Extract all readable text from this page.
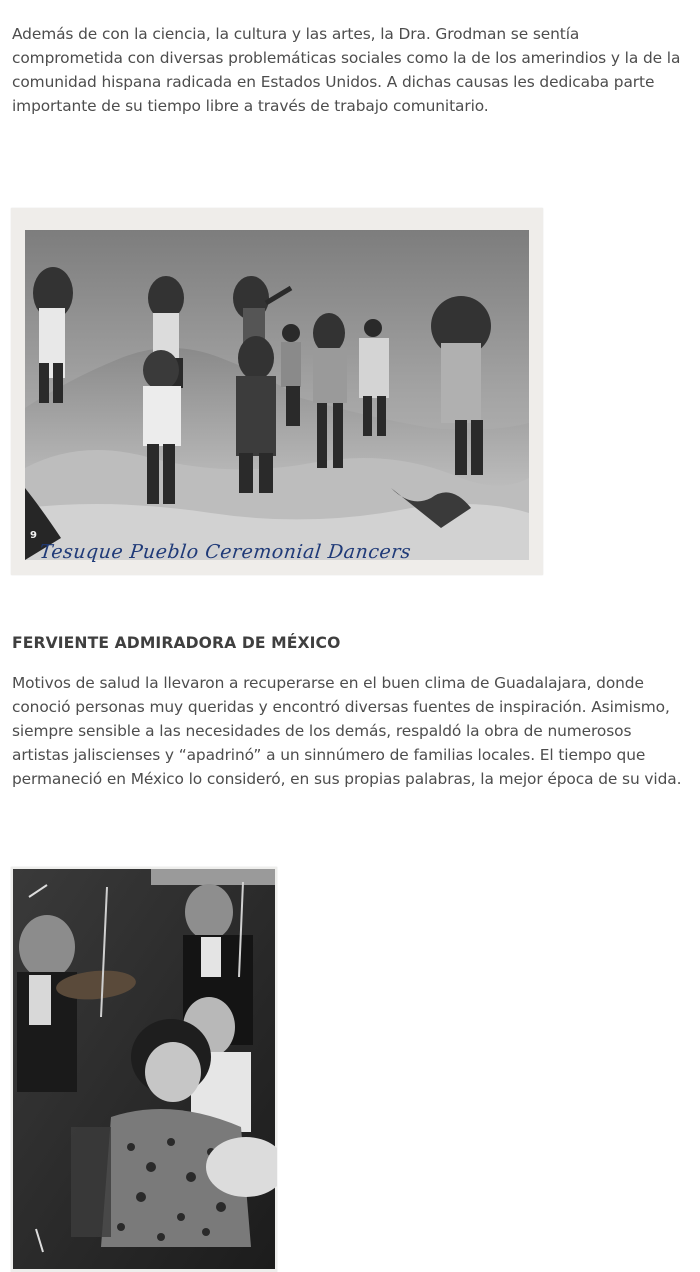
Además de con la ciencia, la cultura y las artes, la Dra. Grodman se sentía comprometida con diversas problemáticas sociales como la de los amerindios y la de la comunidad hispana radicada en Estados Unidos. A dichas causas les dedicaba parte importante de su tiempo libre a través de trabajo comunitario.

9
Tesuque Pueblo Ceremonial Dancers
FERVIENTE ADMIRADORA DE MÉXICO

Motivos de salud la llevaron a recuperarse en el buen clima de Guadalajara, donde conoció personas muy queridas y encontró diversas fuentes de inspiración. Asimismo, siempre sensible a las necesidades de los demás, respaldó la obra de numerosos artistas jaliscienses y “apadrinó” a un sinnúmero de familias locales. El tiempo que permaneció en México lo consideró, en sus propias palabras, la mejor época de su vida.
